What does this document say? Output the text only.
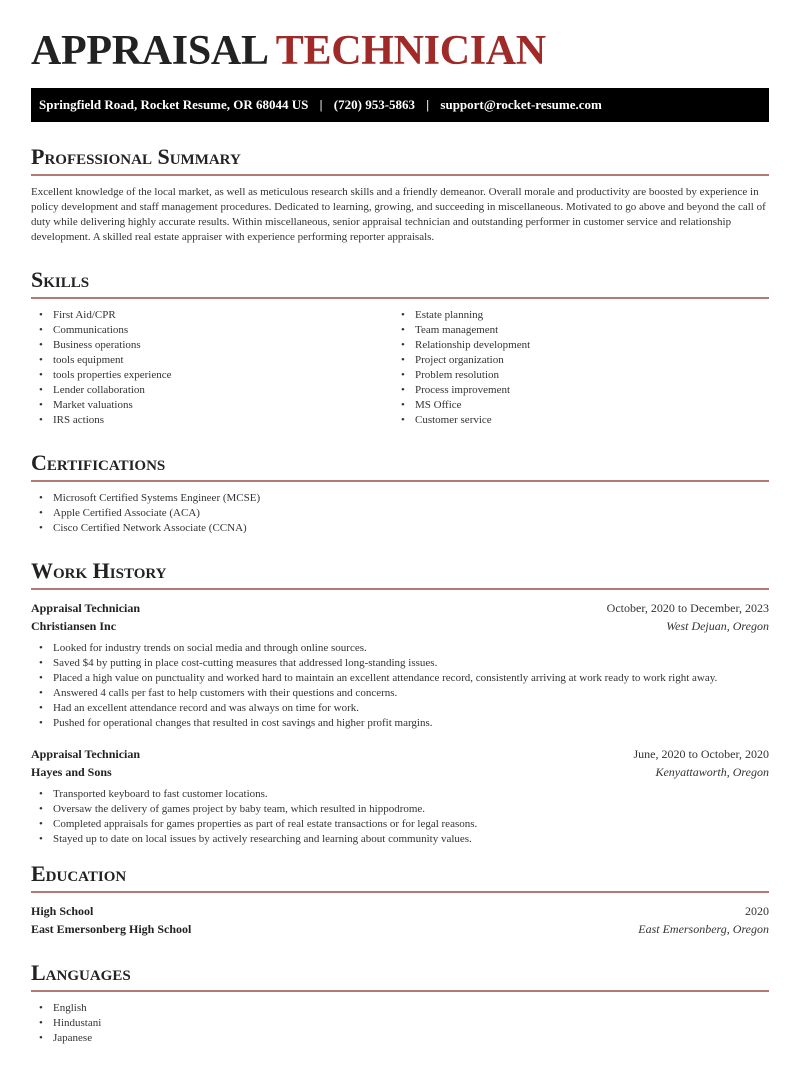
APPRAISAL TECHNICIAN
Springfield Road, Rocket Resume, OR 68044 US | (720) 953-5863 | support@rocket-resume.com
Professional Summary

Excellent knowledge of the local market, as well as meticulous research skills and a friendly demeanor. Overall morale and productivity are boosted by experience in policy development and staff management procedures. Dedicated to learning, growing, and succeeding in miscellaneous. Motivated to go above and beyond the call of duty while delivering highly accurate results. Within miscellaneous, senior appraisal technician and outstanding performer in customer service and relationship development. A skilled real estate appraiser with experience performing reporter appraisals.

Skills
• First Aid/CPR
• Communications
• Business operations
• tools equipment
• tools properties experience
• Lender collaboration
• Market valuations
• IRS actions
• Estate planning
• Team management
• Relationship development
• Project organization
• Problem resolution
• Process improvement
• MS Office
• Customer service
Certifications
• Microsoft Certified Systems Engineer (MCSE)
• Apple Certified Associate (ACA)
• Cisco Certified Network Associate (CCNA)
Work History
Appraisal Technician	October, 2020 to December, 2023
Christiansen Inc	West Dejuan, Oregon
• Looked for industry trends on social media and through online sources.
• Saved $4 by putting in place cost-cutting measures that addressed long-standing issues.
• Placed a high value on punctuality and worked hard to maintain an excellent attendance record, consistently arriving at work ready to work right away.
• Answered 4 calls per fast to help customers with their questions and concerns.
• Had an excellent attendance record and was always on time for work.
• Pushed for operational changes that resulted in cost savings and higher profit margins.
Appraisal Technician	June, 2020 to October, 2020
Hayes and Sons	Kenyattaworth, Oregon
• Transported keyboard to fast customer locations.
• Oversaw the delivery of games project by baby team, which resulted in hippodrome.
• Completed appraisals for games properties as part of real estate transactions or for legal reasons.
• Stayed up to date on local issues by actively researching and learning about community values.
Education
High School	2020
East Emersonberg High School	East Emersonberg, Oregon
Languages
• English
• Hindustani
• Japanese
